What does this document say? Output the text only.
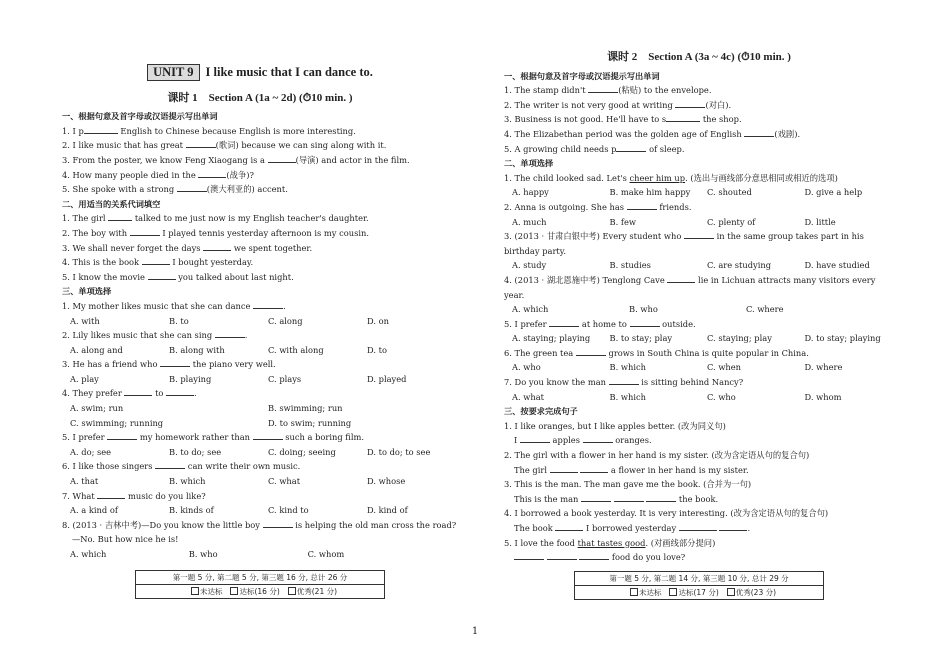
UNIT 9 I like music that I can dance to.
课时 1　Section A (1a ~ 2d) (⏱10 min. )
一、根据句意及首字母或汉语提示写出单词
1. I p	English to Chinese because English is more interesting.
2. I like music that has great	(歌词) because we can sing along with it.
3. From the poster, we know Feng Xiaogang is a	(导演) and actor in the film.
4. How many people died in the	(战争)?
5. She spoke with a strong	(澳大利亚的) accent.
二、用适当的关系代词填空
1. The girl	talked to me just now is my English teacher's daughter.
2. The boy with	I played tennis yesterday afternoon is my cousin.
3. We shall never forget the days	we spent together.
4. This is the book	I bought yesterday.
5. I know the movie	you talked about last night.
三、单项选择
1. My mother likes music that she can dance	.
A. with	B. to	C. along	D. on
2. Lily likes music that she can sing	.
A. along and	B. along with	C. with along	D. to
3. He has a friend who	the piano very well.
A. play	B. playing	C. plays	D. played
4. They prefer	to	.
A. swim; run	B. swimming; run
C. swimming; running	D. to swim; running
5. I prefer	my homework rather than	such a boring film.
A. do; see	B. to do; see	C. doing; seeing	D. to do; to see
6. I like those singers	can write their own music.
A. that	B. which	C. what	D. whose
7. What	music do you like?
A. a kind of	B. kinds of	C. kind to	D. kind of
8. (2013 · 吉林中考)—Do you know the little boy	is helping the old man cross the road?
—No. But how nice he is!
A. which	B. who	C. whom
第一题 5 分, 第二题 5 分, 第三题 16 分, 总计 26 分
未达标 达标(16 分) 优秀(21 分)
课时 2　Section A (3a ~ 4c) (⏱10 min. )
一、根据句意及首字母或汉语提示写出单词
1. The stamp didn't	(粘贴) to the envelope.
2. The writer is not very good at writing	(对白).
3. Business is not good. He'll have to s	the shop.
4. The Elizabethan period was the golden age of English	(戏剧).
5. A growing child needs p	of sleep.
二、单项选择
1. The child looked sad. Let's cheer him up. (选出与画线部分意思相同或相近的选项)
A. happy	B. make him happy	C. shouted	D. give a help
2. Anna is outgoing. She has	friends.
A. much	B. few	C. plenty of	D. little
3. (2013 · 甘肃白银中考) Every student who	in the same group takes part in his birthday party.
A. study	B. studies	C. are studying	D. have studied
4. (2013 · 湖北恩施中考) Tenglong Cave	lie in Lichuan attracts many visitors every year.
A. which	B. who	C. where
5. I prefer	at home to	outside.
A. staying; playing	B. to stay; play	C. staying; play	D. to stay; playing
6. The green tea	grows in South China is quite popular in China.
A. who	B. which	C. when	D. where
7. Do you know the man	is sitting behind Nancy?
A. what	B. which	C. who	D. whom
三、按要求完成句子
1. I like oranges, but I like apples better. (改为同义句)
I	apples	oranges.
2. The girl with a flower in her hand is my sister. (改为含定语从句的复合句)
The girl	a flower in her hand is my sister.
3. This is the man. The man gave me the book. (合并为一句)
This is the man	the book.
4. I borrowed a book yesterday. It is very interesting. (改为含定语从句的复合句)
The book	I borrowed yesterday	.
5. I love the food that tastes good. (对画线部分提问)
food do you love?
第一题 5 分, 第二题 14 分, 第三题 10 分, 总计 29 分
未达标 达标(17 分) 优秀(23 分)
1
